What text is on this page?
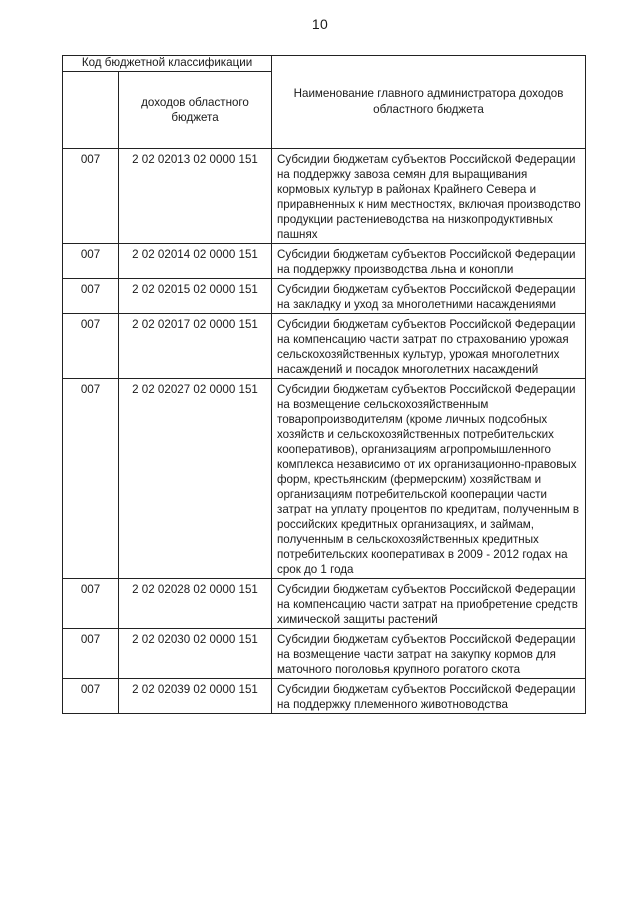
10
Код бюджетной классификации		Наименование главного администратора доходов областного бюджета
	доходов областного бюджета	
007	2 02 02013 02 0000 151	Субсидии бюджетам субъектов Российской Федерации на поддержку завоза семян для выращивания кормовых культур в районах Крайнего Севера и приравненных к ним местностях, включая производство продукции растениеводства на низкопродуктивных пашнях
007	2 02 02014 02 0000 151	Субсидии бюджетам субъектов Российской Федерации на поддержку производства льна и конопли
007	2 02 02015 02 0000 151	Субсидии бюджетам субъектов Российской Федерации на закладку и уход за многолетними насаждениями
007	2 02 02017 02 0000 151	Субсидии бюджетам субъектов Российской Федерации на компенсацию части затрат по страхованию урожая сельскохозяйственных культур, урожая многолетних насаждений и посадок многолетних насаждений
007	2 02 02027 02 0000 151	Субсидии бюджетам субъектов Российской Федерации на возмещение сельскохозяйственным товаропроизводителям (кроме личных подсобных хозяйств и сельскохозяйственных потребительских кооперативов), организациям агропромышленного комплекса независимо от их организационно-правовых форм, крестьянским (фермерским) хозяйствам и организациям потребительской кооперации части затрат на уплату процентов по кредитам, полученным в российских кредитных организациях, и займам, полученным в сельскохозяйственных кредитных потребительских кооперативах в 2009 - 2012 годах на срок до 1 года
007	2 02 02028 02 0000 151	Субсидии бюджетам субъектов Российской Федерации на компенсацию части затрат на приобретение средств химической защиты растений
007	2 02 02030 02 0000 151	Субсидии бюджетам субъектов Российской Федерации на возмещение части затрат на закупку кормов для маточного поголовья крупного рогатого скота
007	2 02 02039 02 0000 151	Субсидии бюджетам субъектов Российской Федерации на поддержку племенного животноводства
